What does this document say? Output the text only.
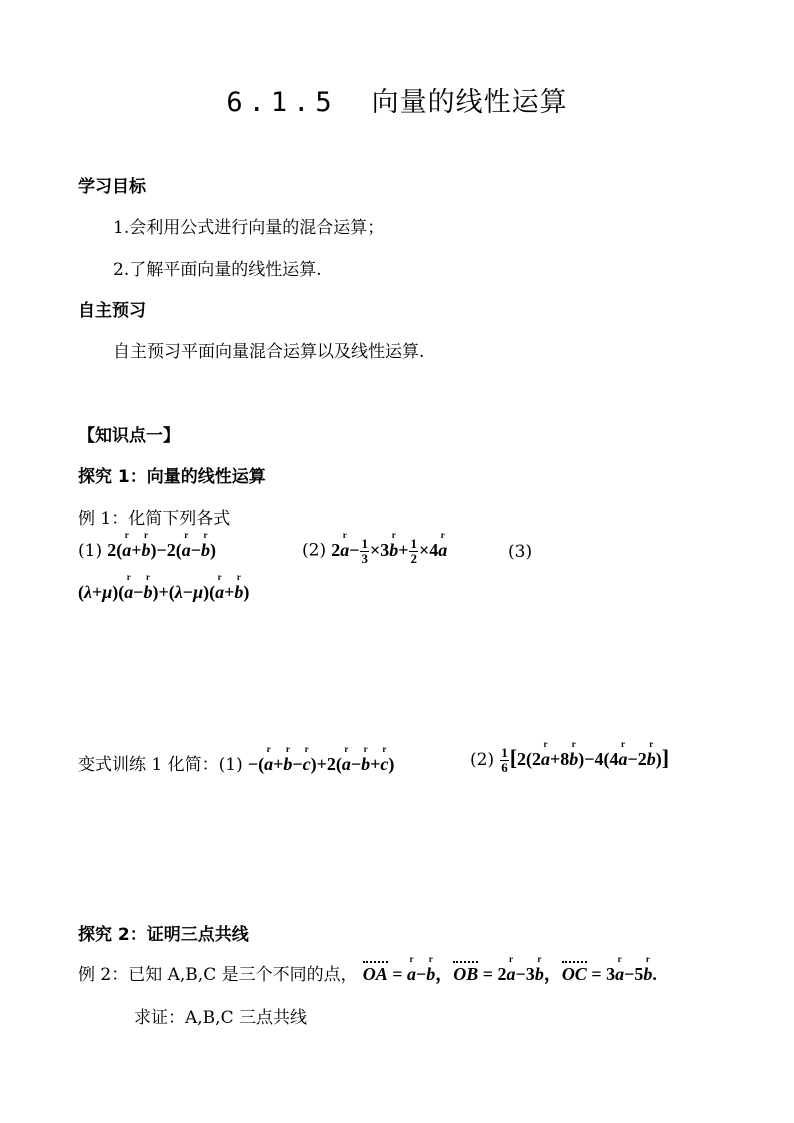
6.1.5 向量的线性运算
学习目标
1.会利用公式进行向量的混合运算；
2.了解平面向量的线性运算.
自主预习
自主预习平面向量混合运算以及线性运算.
【知识点一】
探究 1：向量的线性运算
例 1：化简下列各式
(1) 2(r a+r b)−2(r a−r b)	(2) 2r $a- \frac{1}{3} \times 3r$ $b+ \frac{1}{2} \times 4r$ a	(3)
(λ+μ)(r a−r b)+(λ−μ)(r a+r b)
变式训练 1 化简：(1) −(r a+r b−r c)+2(r a−r b+r c)	$(2) \frac{1}{6} [2(2r$ a+8r b)−4(4r a−2r b)]
探究 2：证明三点共线
例 2：已知 A,B,C 是三个不同的点， OA = r a−r b，OB = 2r a−3r b，OC = 3r a−5r b.
求证：A,B,C 三点共线
